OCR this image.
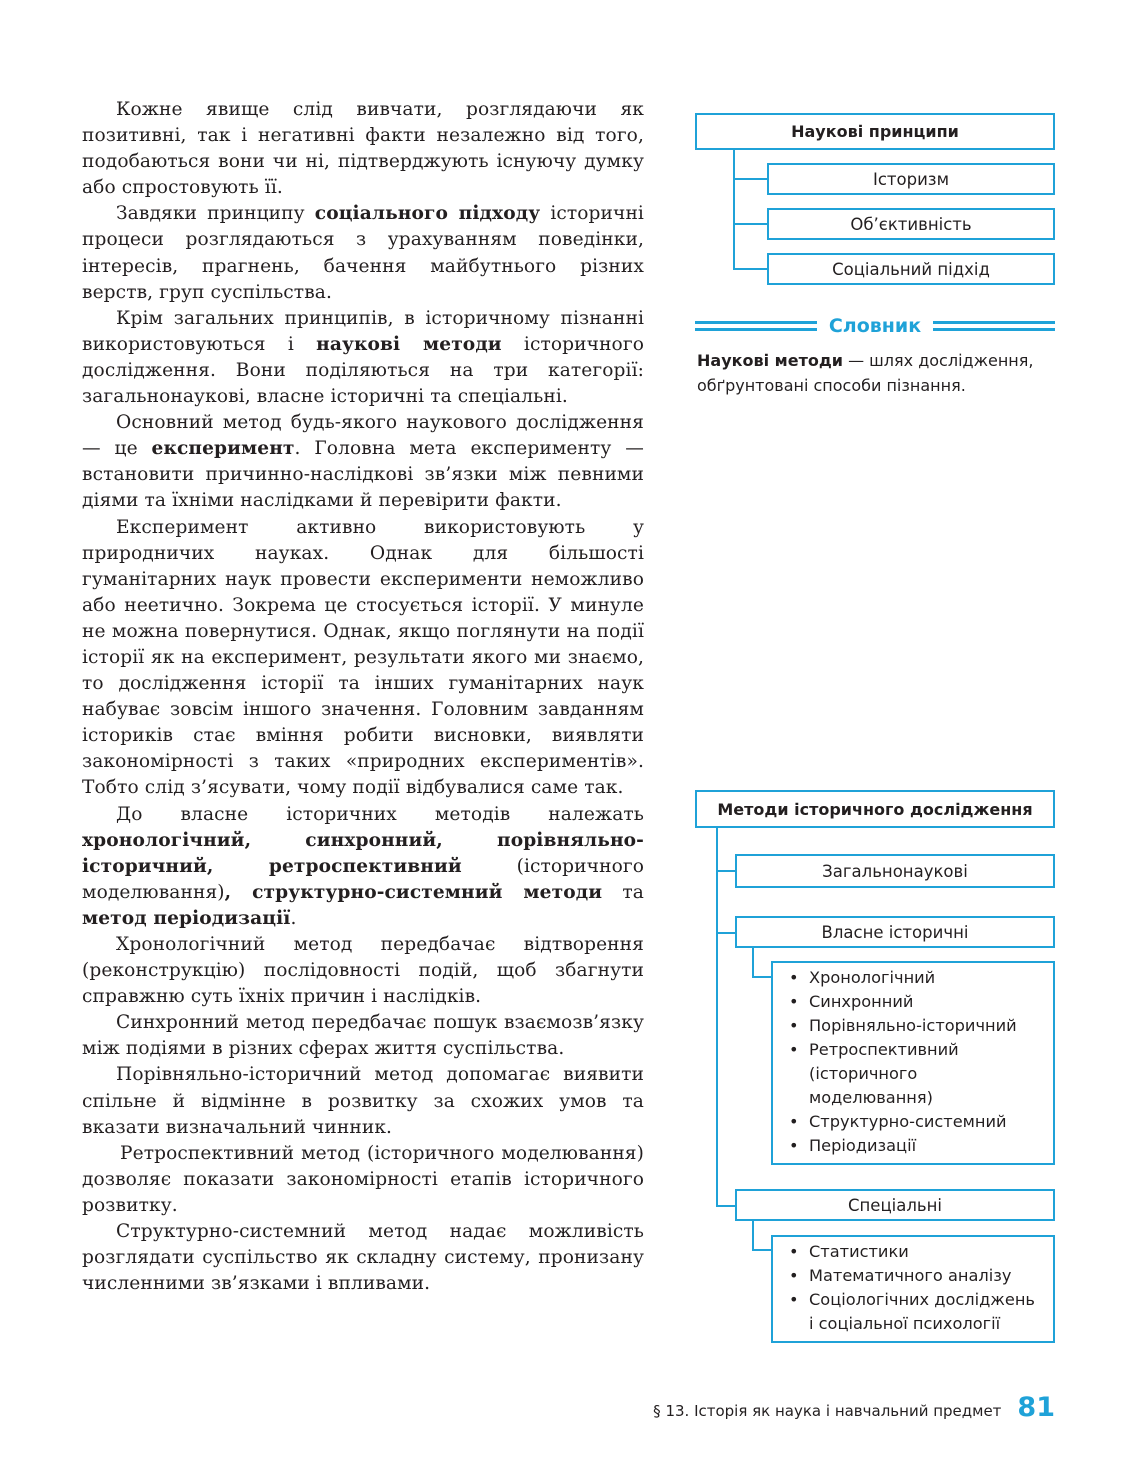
Кожне явище слід вивчати, розглядаючи як позитивні, так і негативні факти незалежно від того, подобаються вони чи ні, підтверджують існуючу думку або спростовують її.

Завдяки принципу соціального підходу історичні процеси розглядаються з урахуванням поведінки, інтересів, прагнень, бачення майбутнього різних верств, груп суспільства.

Крім загальних принципів, в історичному пізнанні використовуються і наукові методи історичного дослідження. Вони поділяються на три категорії: загальнонаукові, власне історичні та спеціальні.

Основний метод будь-якого наукового дослідження — це експеримент. Головна мета експерименту — встановити причинно-наслідкові зв’язки між певними діями та їхніми наслідками й перевірити факти.

Експеримент активно використовують у природничих науках. Однак для більшості гуманітарних наук провести експерименти неможливо або неетично. Зокрема це стосується історії. У минуле не можна повернутися. Однак, якщо поглянути на події історії як на експеримент, результати якого ми знаємо, то дослідження історії та інших гуманітарних наук набуває зовсім іншого значення. Головним завданням істориків стає вміння робити висновки, виявляти закономірності з таких «природних експериментів». Тобто слід з’ясувати, чому події відбувалися саме так.

До власне історичних методів належать хронологічний, синхронний, порівняльно-історичний, ретроспективний (історичного моделювання), структурно-системний методи та метод періодизації.

Хронологічний метод передбачає відтворення (реконструкцію) послідовності подій, щоб збагнути справжню суть їхніх причин і наслідків.

Синхронний метод передбачає пошук взаємозв’язку між подіями в різних сферах життя суспільства.

Порівняльно-історичний метод допомагає виявити спільне й відмінне в розвитку за схожих умов та вказати визначальний чинник.

Ретроспективний метод (історичного моделювання) дозволяє показати закономірності етапів історичного розвитку.

Структурно-системний метод надає можливість розглядати суспільство як складну систему, пронизану численними зв’язками і впливами.

Наукові принципи
Історизм
Об’єктивність
Соціальний підхід
Словник
Наукові методи — шлях дослідження, обґрунтовані способи пізнання.
Методи історичного дослідження
Загальнонаукові
Власне історичні
• Хронологічний
• Синхронний
• Порівняльно-історичний
• Ретроспективний
(історичного
моделювання)
• Структурно-системний
• Періодизації
Спеціальні
• Статистики
• Математичного аналізу
• Соціологічних досліджень
і соціальної психології
§ 13. Історія як наука і навчальний предмет 81
